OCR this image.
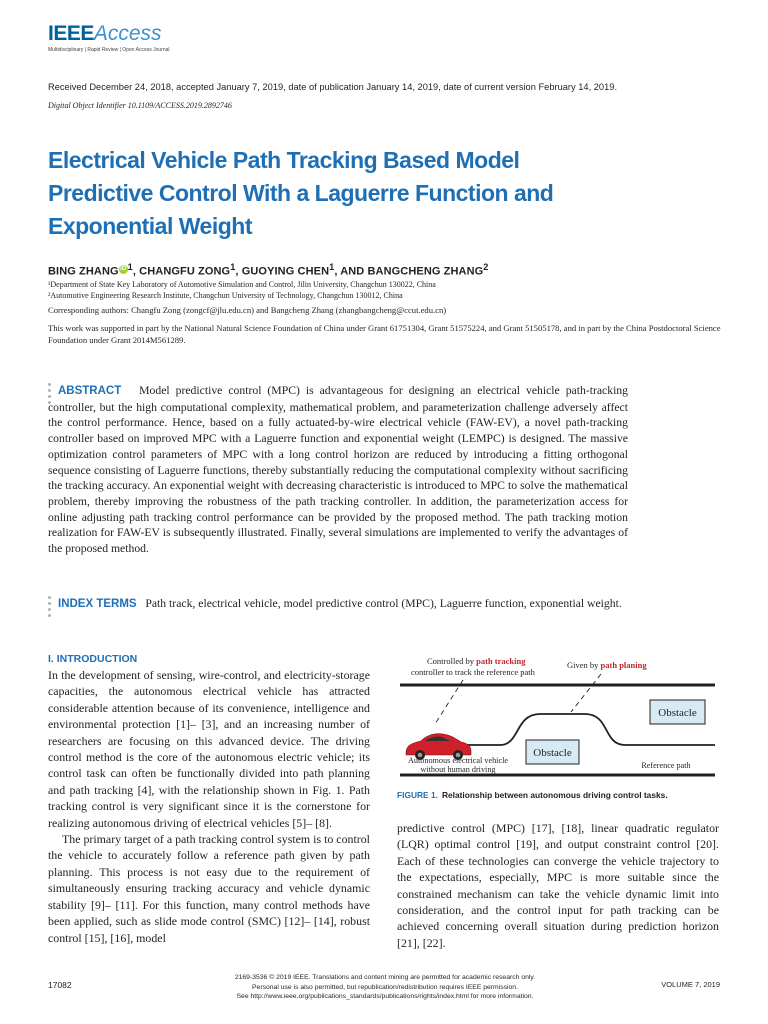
IEEEAccess
Multidisciplinary | Rapid Review | Open Access Journal
Received December 24, 2018, accepted January 7, 2019, date of publication January 14, 2019, date of current version February 14, 2019.
Digital Object Identifier 10.1109/ACCESS.2019.2892746
Electrical Vehicle Path Tracking Based Model Predictive Control With a Laguerre Function and Exponential Weight
BING ZHANGiD$^1$, CHANGFU ZONG$^1$, GUOYING CHEN$^1$, AND BANGCHENG ZHANG$^2$
¹Department of State Key Laboratory of Automotive Simulation and Control, Jilin University, Changchun 130022, China
²Automotive Engineering Research Institute, Changchun University of Technology, Changchun 130012, China
Corresponding authors: Changfu Zong (zongcf@jlu.edu.cn) and Bangcheng Zhang (zhangbangcheng@ccut.edu.cn)
This work was supported in part by the National Natural Science Foundation of China under Grant 61751304, Grant 51575224, and Grant 51505178, and in part by the China Postdoctoral Science Foundation under Grant 2014M561289.
ABSTRACT Model predictive control (MPC) is advantageous for designing an electrical vehicle path-tracking controller, but the high computational complexity, mathematical problem, and parameterization challenge adversely affect the control performance. Hence, based on a fully actuated-by-wire electrical vehicle (FAW-EV), a novel path-tracking controller based on improved MPC with a Laguerre function and exponential weight (LEMPC) is designed. The massive optimization control parameters of MPC with a long control horizon are reduced by introducing a fitting orthogonal sequence consisting of Laguerre functions, thereby substantially reducing the computational complexity without sacrificing the tracking accuracy. An exponential weight with decreasing characteristic is introduced to MPC to solve the mathematical problem, thereby improving the robustness of the path tracking controller. In addition, the parameterization access for online adjusting path tracking control performance can be provided by the proposed method. The path tracking motion realization for FAW-EV is subsequently illustrated. Finally, several simulations are implemented to verify the advantages of the proposed method.
INDEX TERMS Path track, electrical vehicle, model predictive control (MPC), Laguerre function, exponential weight.
I. INTRODUCTION

In the development of sensing, wire-control, and electricity-storage capacities, the autonomous electrical vehicle has attracted considerable attention because of its convenience, intelligence and environmental protection [1]– [3], and an increasing number of researchers are focusing on this advanced device. The driving control method is the core of the autonomous electric vehicle; its control task can often be functionally divided into path planning and path tracking [4], with the relationship shown in Fig. 1. Path tracking control is very significant since it is the cornerstone for realizing autonomous driving of electrical vehicles [5]– [8].

The primary target of a path tracking control system is to control the vehicle to accurately follow a reference path given by path planning. This process is not easy due to the requirement of simultaneously ensuring tracking accuracy and vehicle dynamic stability [9]– [11]. For this function, many control methods have been applied, such as slide mode control (SMC) [12]– [14], robust control [15], [16], model

Controlled by path tracking
controller to track the reference path
Given by path planing
Obstacle
Obstacle
Autonomous electrical vehicle
without human driving	Reference path
FIGURE 1. Relationship between autonomous driving control tasks.
predictive control (MPC) [17], [18], linear quadratic regulator (LQR) optimal control [19], and output constraint control [20]. Each of these technologies can converge the vehicle trajectory to the expectations, especially, MPC is more suitable since the constrained mechanism can take the vehicle dynamic limit into consideration, and the control input for path tracking can be achieved concerning overall situation during prediction horizon [21], [22].
17082
2169-3536 © 2019 IEEE. Translations and content mining are permitted for academic research only.
Personal use is also permitted, but republication/redistribution requires IEEE permission.
See http://www.ieee.org/publications_standards/publications/rights/index.html for more information.
VOLUME 7, 2019
